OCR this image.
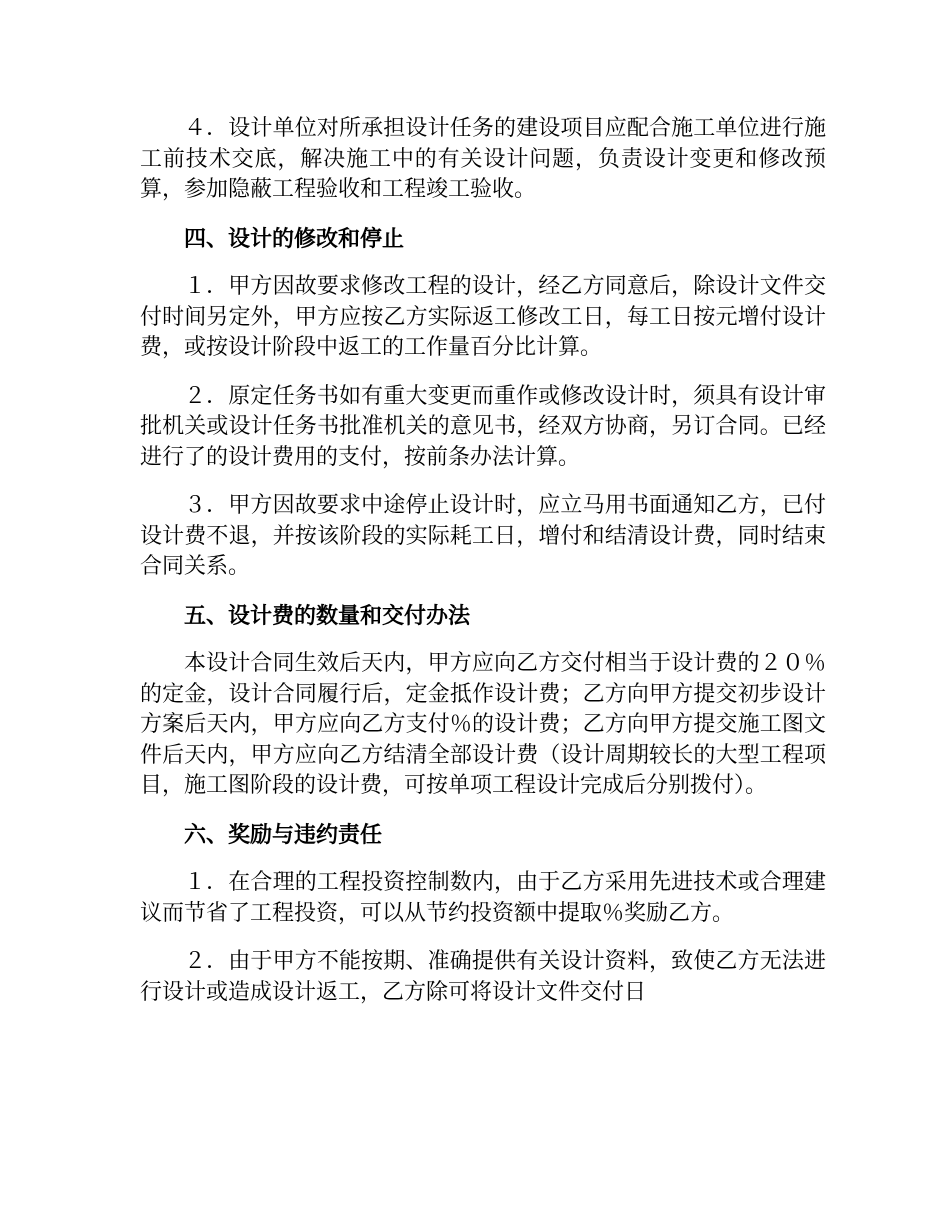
４．设计单位对所承担设计任务的建设项目应配合施工单位进行施工前技术交底，解决施工中的有关设计问题，负责设计变更和修改预算，参加隐蔽工程验收和工程竣工验收。

四、设计的修改和停止

１．甲方因故要求修改工程的设计，经乙方同意后，除设计文件交付时间另定外，甲方应按乙方实际返工修改工日，每工日按元增付设计费，或按设计阶段中返工的工作量百分比计算。

２．原定任务书如有重大变更而重作或修改设计时，须具有设计审批机关或设计任务书批准机关的意见书，经双方协商，另订合同。已经进行了的设计费用的支付，按前条办法计算。

３．甲方因故要求中途停止设计时，应立马用书面通知乙方，已付设计费不退，并按该阶段的实际耗工日，增付和结清设计费，同时结束合同关系。

五、设计费的数量和交付办法

本设计合同生效后天内，甲方应向乙方交付相当于设计费的２０％的定金，设计合同履行后，定金抵作设计费；乙方向甲方提交初步设计方案后天内，甲方应向乙方支付％的设计费；乙方向甲方提交施工图文件后天内，甲方应向乙方结清全部设计费（设计周期较长的大型工程项目，施工图阶段的设计费，可按单项工程设计完成后分别拨付）。

六、奖励与违约责任

１．在合理的工程投资控制数内，由于乙方采用先进技术或合理建议而节省了工程投资，可以从节约投资额中提取％奖励乙方。

２．由于甲方不能按期、准确提供有关设计资料，致使乙方无法进行设计或造成设计返工，乙方除可将设计文件交付日
